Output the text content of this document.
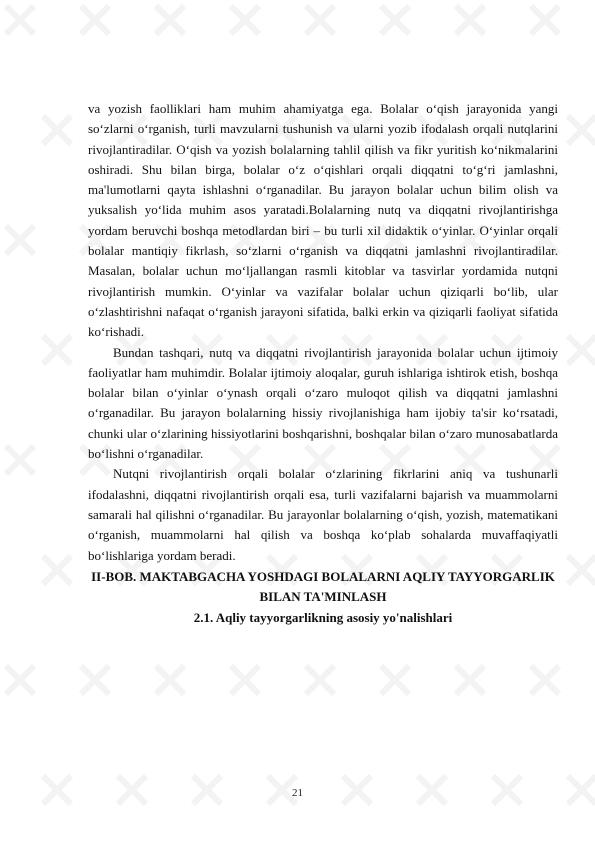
va yozish faolliklari ham muhim ahamiyatga ega. Bolalar o‘qish jarayonida yangi so‘zlarni o‘rganish, turli mavzularni tushunish va ularni yozib ifodalash orqali nutqlarini rivojlantiradilar. O‘qish va yozish bolalarning tahlil qilish va fikr yuritish ko‘nikmalarini oshiradi. Shu bilan birga, bolalar o‘z o‘qishlari orqali diqqatni to‘g‘ri jamlashni, ma'lumotlarni qayta ishlashni o‘rganadilar. Bu jarayon bolalar uchun bilim olish va yuksalish yo‘lida muhim asos yaratadi.Bolalarning nutq va diqqatni rivojlantirishga yordam beruvchi boshqa metodlardan biri – bu turli xil didaktik o‘yinlar. O‘yinlar orqali bolalar mantiqiy fikrlash, so‘zlarni o‘rganish va diqqatni jamlashni rivojlantiradilar. Masalan, bolalar uchun mo‘ljallangan rasmli kitoblar va tasvirlar yordamida nutqni rivojlantirish mumkin. O‘yinlar va vazifalar bolalar uchun qiziqarli bo‘lib, ular o‘zlashtirishni nafaqat o‘rganish jarayoni sifatida, balki erkin va qiziqarli faoliyat sifatida ko‘rishadi.

Bundan tashqari, nutq va diqqatni rivojlantirish jarayonida bolalar uchun ijtimoiy faoliyatlar ham muhimdir. Bolalar ijtimoiy aloqalar, guruh ishlariga ishtirok etish, boshqa bolalar bilan o‘yinlar o‘ynash orqali o‘zaro muloqot qilish va diqqatni jamlashni o‘rganadilar. Bu jarayon bolalarning hissiy rivojlanishiga ham ijobiy ta'sir ko‘rsatadi, chunki ular o‘zlarining hissiyotlarini boshqarishni, boshqalar bilan o‘zaro munosabatlarda bo‘lishni o‘rganadilar.

Nutqni rivojlantirish orqali bolalar o‘zlarining fikrlarini aniq va tushunarli ifodalashni, diqqatni rivojlantirish orqali esa, turli vazifalarni bajarish va muammolarni samarali hal qilishni o‘rganadilar. Bu jarayonlar bolalarning o‘qish, yozish, matematikani o‘rganish, muammolarni hal qilish va boshqa ko‘plab sohalarda muvaffaqiyatli bo‘lishlariga yordam beradi.

II-BOB. MAKTABGACHA YOSHDAGI BOLALARNI AQLIY TAYYORGARLIK BILAN TA'MINLASH

2.1. Aqliy tayyorgarlikning asosiy yo'nalishlari

21
